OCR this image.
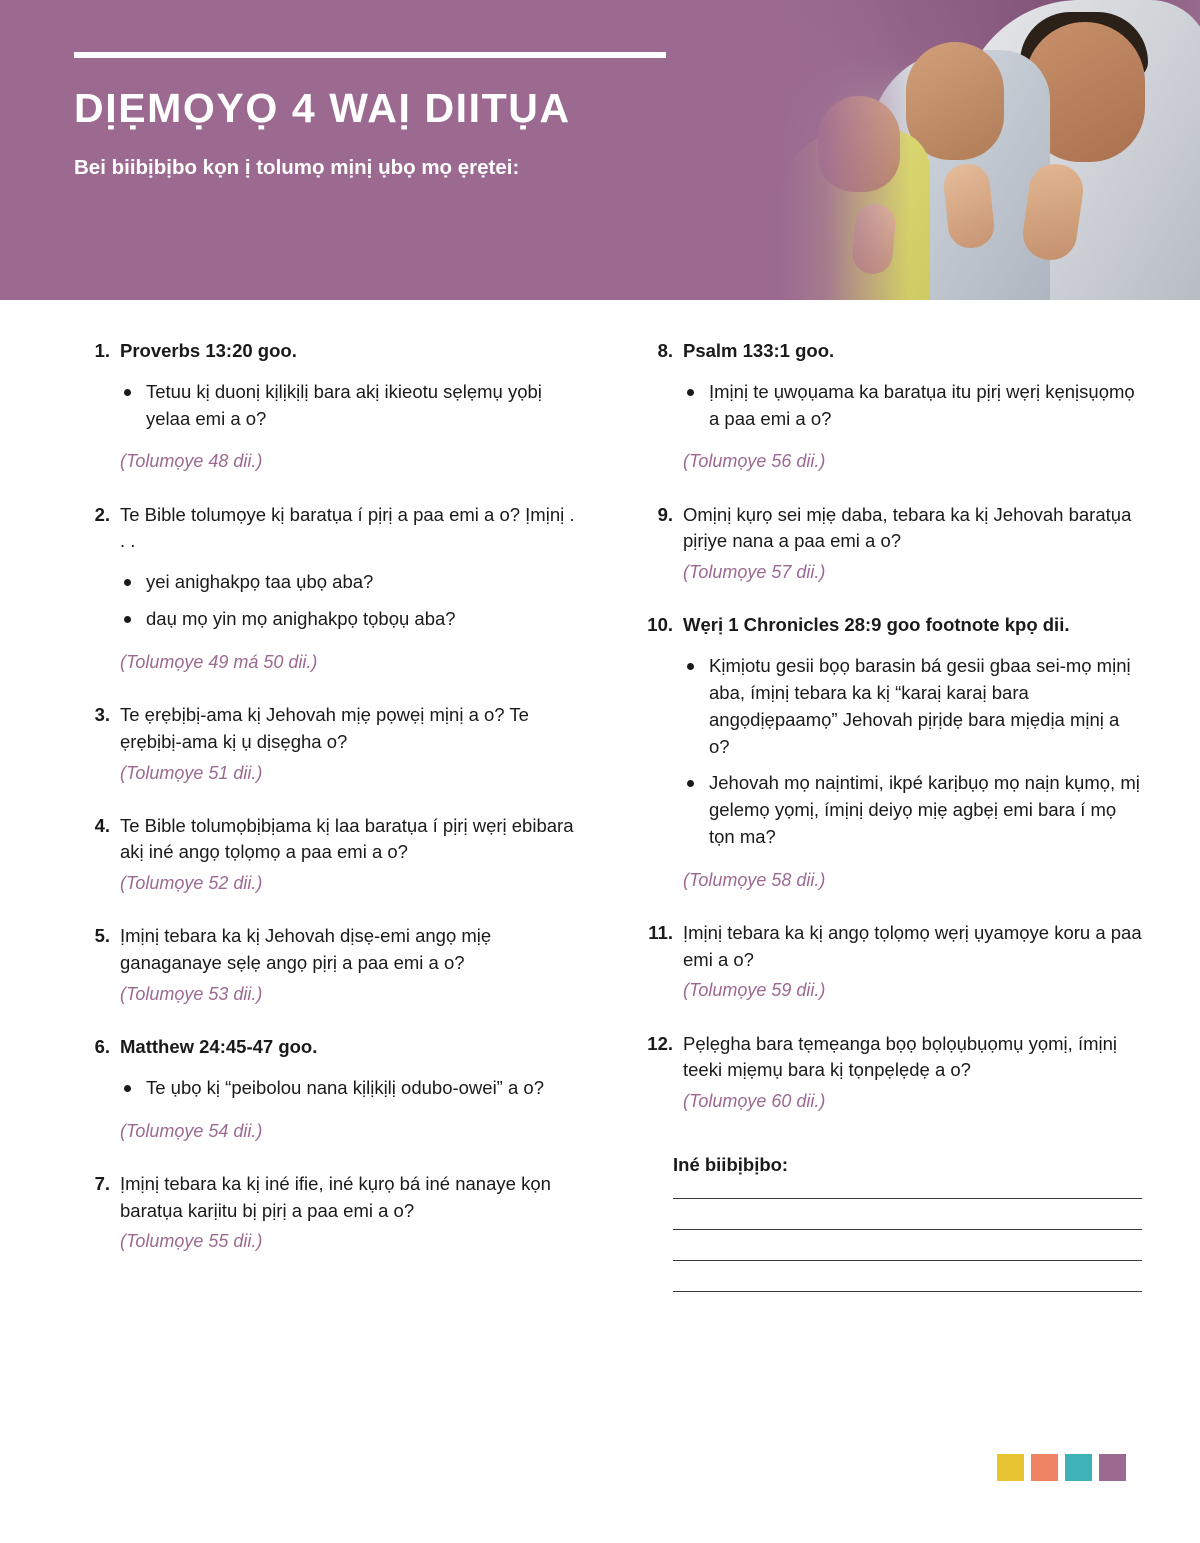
DỊẸMỌYỌ 4 WAỊ DIITỤA

Bei biibịbịbo kọn ị tolumọ mịnị ụbọ mọ ẹrẹtei:

1. Proverbs 13:20 goo.

Tetuu kị duonị kịlịkịlị bara akị ikieotu sẹlẹmụ yọbị yelaa emi a o?

(Tolumọye 48 dii.)

2. Te Bible tolumọye kị baratụa í pịrị a paa emi a o? Ịmịnị . . .

yei anighakpọ taa ụbọ aba?
daụ mọ yin mọ anighakpọ tọbọụ aba?

(Tolumọye 49 má 50 dii.)

3. Te ẹrẹbịbị-ama kị Jehovah mịẹ pọwẹị mịnị a o? Te ẹrẹbịbị-ama kị ụ dịsẹgha o?

(Tolumọye 51 dii.)

4. Te Bible tolumọbịbịama kị laa baratụa í pịrị wẹrị ebibara akị iné angọ tọlọmọ a paa emi a o?

(Tolumọye 52 dii.)

5. Ịmịnị tebara ka kị Jehovah dịsẹ-emi angọ mịẹ ganaganaye sẹlẹ angọ pịrị a paa emi a o?

(Tolumọye 53 dii.)

6. Matthew 24:45-47 goo.

Te ụbọ kị “peibolou nana kịlịkịlị odubo-owei” a o?

(Tolumọye 54 dii.)

7. Ịmịnị tebara ka kị iné ifie, iné kụrọ bá iné nanaye kọn baratụa karịitu bị pịrị a paa emi a o?

(Tolumọye 55 dii.)

8. Psalm 133:1 goo.

Ịmịnị te ụwọụama ka baratụa itu pịrị wẹrị kẹnịsụọmọ a paa emi a o?

(Tolumọye 56 dii.)

9. Omịnị kụrọ sei mịẹ daba, tebara ka kị Jehovah baratụa pịrịye nana a paa emi a o?

(Tolumọye 57 dii.)

10. Wẹrị 1 Chronicles 28:9 goo footnote kpọ dii.

Kịmịotu gesii bọọ barasin bá gesii gbaa sei-mọ mịnị aba, ímịnị tebara ka kị “karaị karaị bara angọdịẹpaamọ” Jehovah pịrịdẹ bara mịẹdịa mịnị a o?
Jehovah mọ naịntimi, ikpé karịbụọ mọ naịn kụmọ, mị gelemọ yọmị, ímịnị deiyọ mịẹ agbẹị emi bara í mọ tọn ma?

(Tolumọye 58 dii.)

11. Ịmịnị tebara ka kị angọ tọlọmọ wẹrị ụyamọye koru a paa emi a o?

(Tolumọye 59 dii.)

12. Pẹlẹgha bara tẹmẹanga bọọ bọlọụbụọmụ yọmị, ímịnị teeki mịẹmụ bara kị tọnpẹlẹdẹ a o?

(Tolumọye 60 dii.)

Iné biibịbịbo:
